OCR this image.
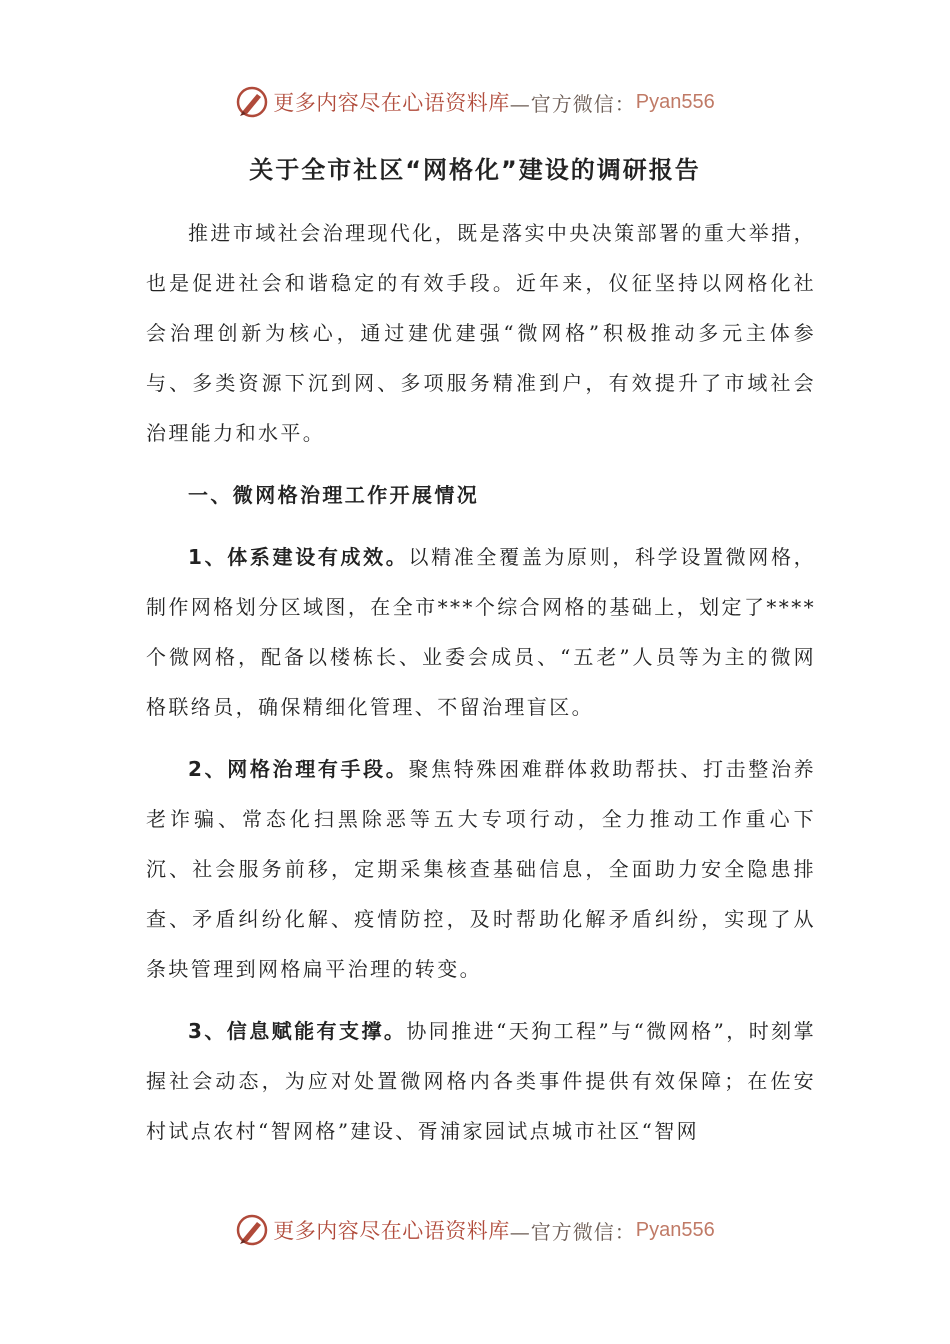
更多内容尽在心语资料库 —官方微信： Pyan556
关于全市社区“网格化”建设的调研报告

推进市域社会治理现代化，既是落实中央决策部署的重大举措，也是促进社会和谐稳定的有效手段。近年来，仪征坚持以网格化社会治理创新为核心，通过建优建强“微网格”积极推动多元主体参与、多类资源下沉到网、多项服务精准到户，有效提升了市域社会治理能力和水平。

一、微网格治理工作开展情况

1、体系建设有成效。以精准全覆盖为原则，科学设置微网格，制作网格划分区域图，在全市***个综合网格的基础上，划定了****个微网格，配备以楼栋长、业委会成员、“五老”人员等为主的微网格联络员，确保精细化管理、不留治理盲区。

2、网格治理有手段。聚焦特殊困难群体救助帮扶、打击整治养老诈骗、常态化扫黑除恶等五大专项行动，全力推动工作重心下沉、社会服务前移，定期采集核查基础信息，全面助力安全隐患排查、矛盾纠纷化解、疫情防控，及时帮助化解矛盾纠纷，实现了从条块管理到网格扁平治理的转变。

3、信息赋能有支撑。协同推进“天狗工程”与“微网格”，时刻掌握社会动态，为应对处置微网格内各类事件提供有效保障；在佐安村试点农村“智网格”建设、胥浦家园试点城市社区“智网

更多内容尽在心语资料库 —官方微信： Pyan556
